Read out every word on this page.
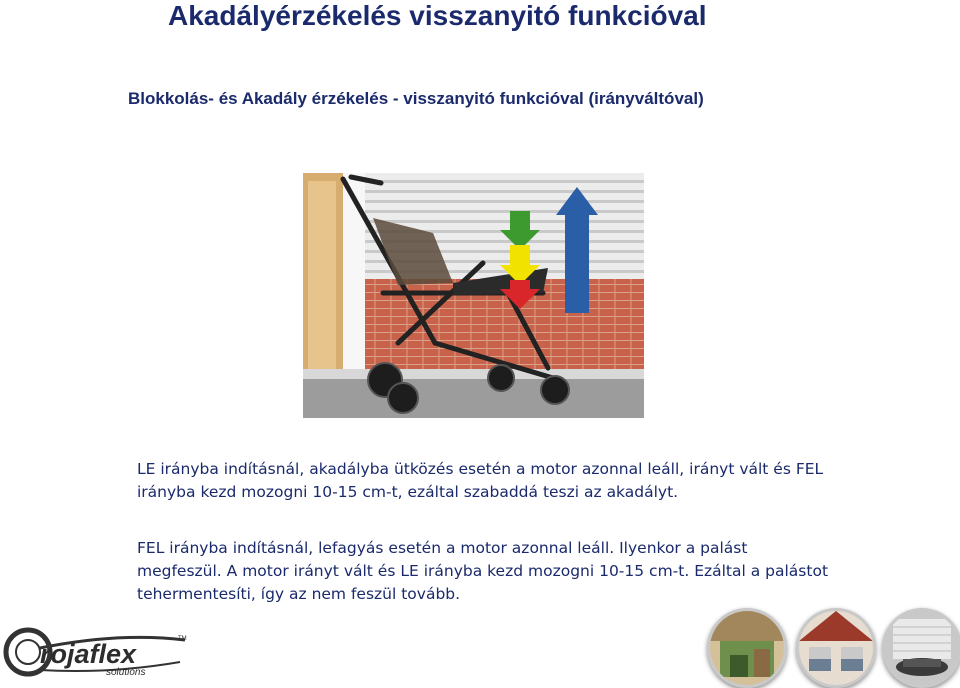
Akadályérzékelés visszanyitó funkcióval
Blokkolás- és Akadály érzékelés - visszanyitó funkcióval (irányváltóval)

LE irányba indításnál, akadályba ütközés esetén a motor azonnal leáll, irányt vált és FEL irányba kezd mozogni 10-15 cm-t, ezáltal szabaddá teszi az akadályt.

FEL irányba indításnál, lefagyás esetén a motor azonnal leáll. Ilyenkor a palást megfeszül. A motor irányt vált és LE irányba kezd mozogni 10-15 cm-t. Ezáltal a palástot tehermentesíti, így az nem feszül tovább.

rojaflex
solutions
TM
